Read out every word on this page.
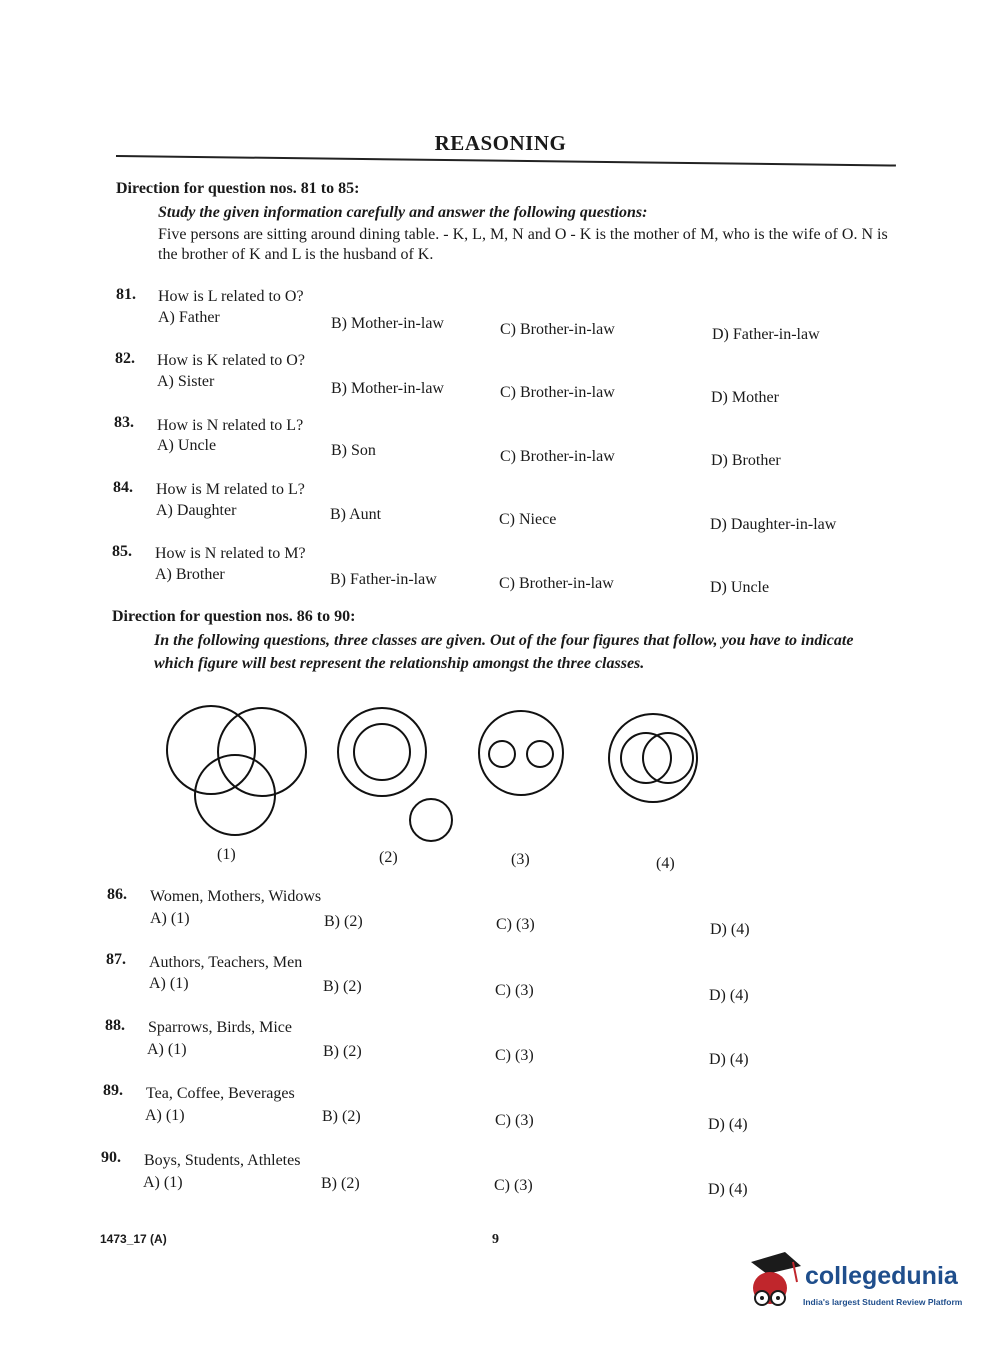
REASONING
Direction for question nos. 81 to 85:
Study the given information carefully and answer the following questions:
Five persons are sitting around dining table. - K, L, M, N and O - K is the mother of M, who is the wife of O. N is
the brother of K and L is the husband of K.
81. How is L related to O?
A) Father	B) Mother-in-law	C) Brother-in-law	D) Father-in-law
82. How is K related to O?
A) Sister	B) Mother-in-law	C) Brother-in-law	D) Mother
83. How is N related to L?
A) Uncle	B) Son	C) Brother-in-law	D) Brother
84. How is M related to L?
A) Daughter	B) Aunt	C) Niece	D) Daughter-in-law
85. How is N related to M?
A) Brother	B) Father-in-law	C) Brother-in-law	D) Uncle
Direction for question nos. 86 to 90:
In the following questions, three classes are given. Out of the four figures that follow, you have to indicate
which figure will best represent the relationship amongst the three classes.
(1)	(2)	(3)	(4)
86. Women, Mothers, Widows
A) (1)	B) (2)	C) (3)	D) (4)
87. Authors, Teachers, Men
A) (1)	B) (2)	C) (3)	D) (4)
88. Sparrows, Birds, Mice
A) (1)	B) (2)	C) (3)	D) (4)
89. Tea, Coffee, Beverages
A) (1)	B) (2)	C) (3)	D) (4)
90. Boys, Students, Athletes
A) (1)	B) (2)	C) (3)	D) (4)
1473_17 (A)	9
collegedunia
India's largest Student Review Platform
